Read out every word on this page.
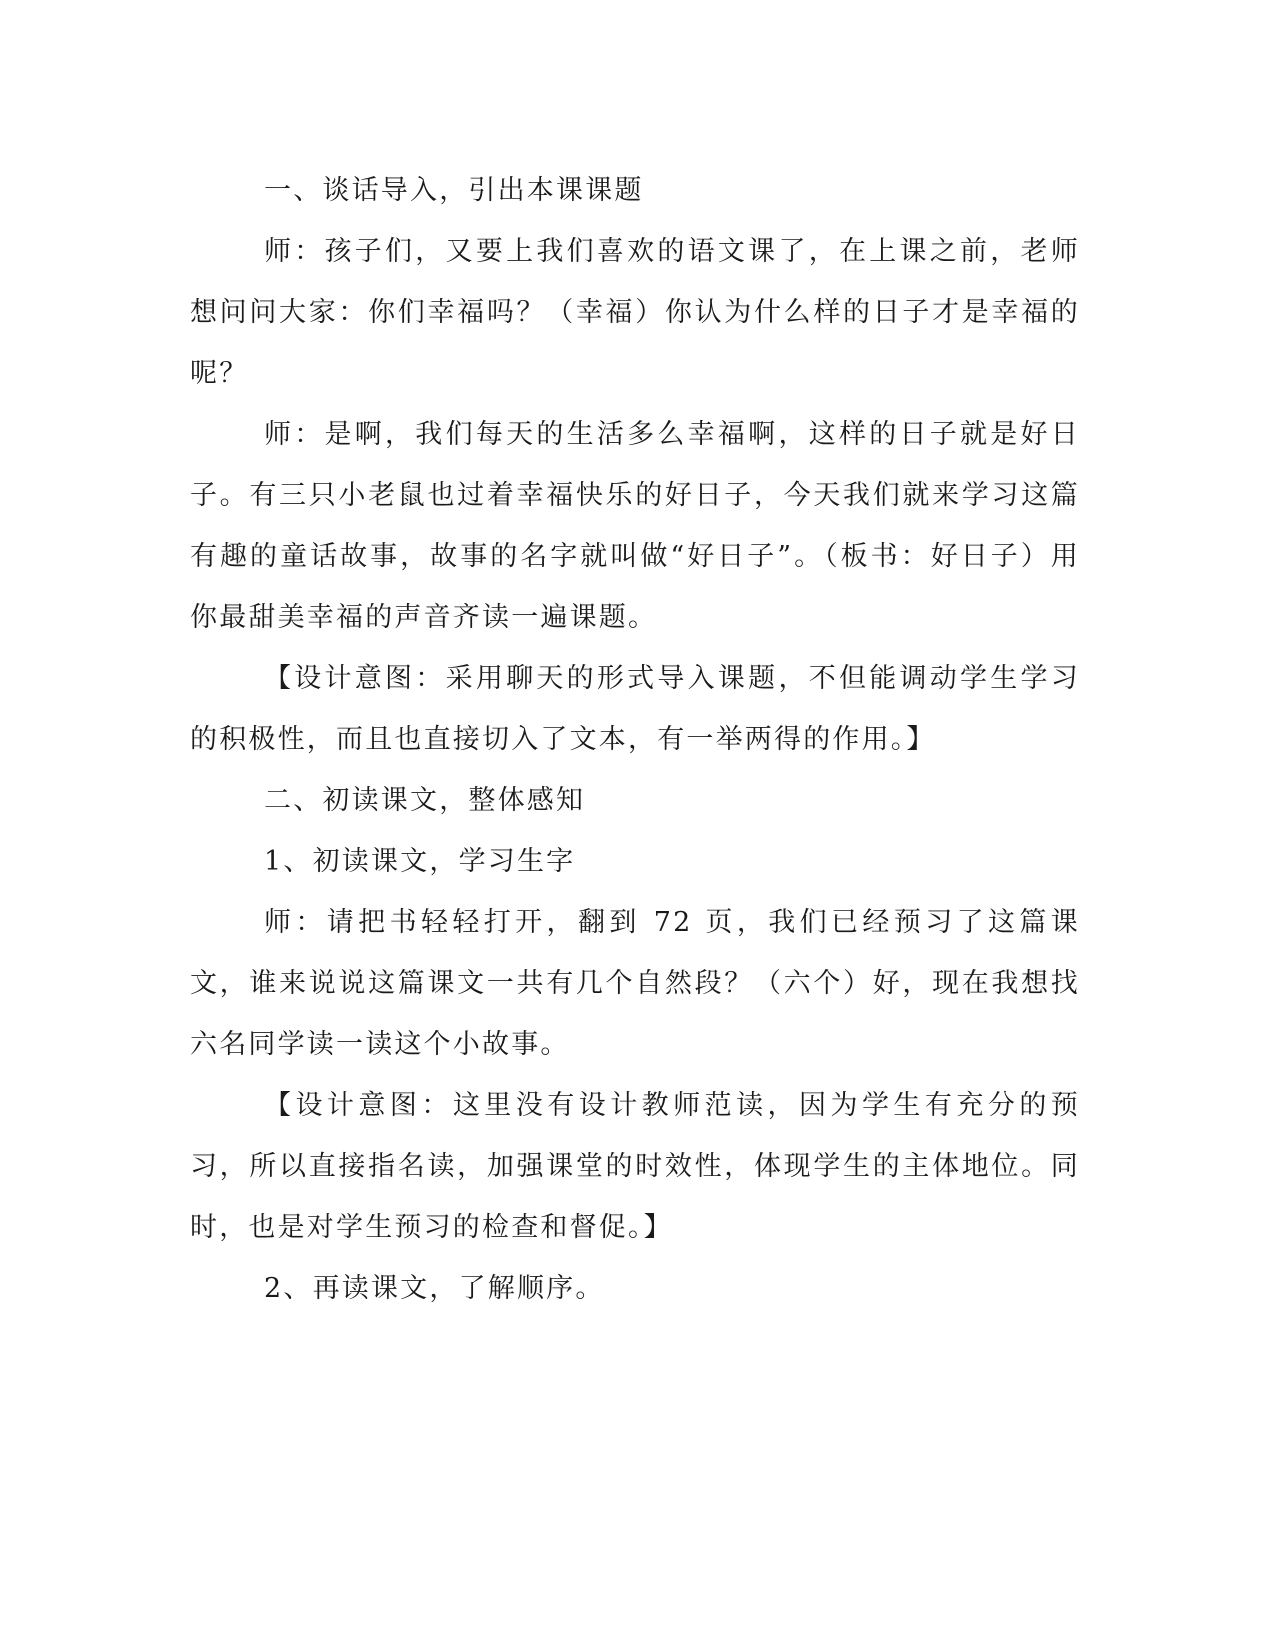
一、谈话导入，引出本课课题

师：孩子们，又要上我们喜欢的语文课了，在上课之前，老师想问问大家：你们幸福吗？（幸福）你认为什么样的日子才是幸福的呢？

师：是啊，我们每天的生活多么幸福啊，这样的日子就是好日子。有三只小老鼠也过着幸福快乐的好日子，今天我们就来学习这篇有趣的童话故事，故事的名字就叫做“好日子”。（板书：好日子）用你最甜美幸福的声音齐读一遍课题。

【设计意图：采用聊天的形式导入课题，不但能调动学生学习的积极性，而且也直接切入了文本，有一举两得的作用。】

二、初读课文，整体感知

1、初读课文，学习生字

师：请把书轻轻打开，翻到 72 页，我们已经预习了这篇课文，谁来说说这篇课文一共有几个自然段？（六个）好，现在我想找六名同学读一读这个小故事。

【设计意图：这里没有设计教师范读，因为学生有充分的预习，所以直接指名读，加强课堂的时效性，体现学生的主体地位。同时，也是对学生预习的检查和督促。】

2、再读课文，了解顺序。
